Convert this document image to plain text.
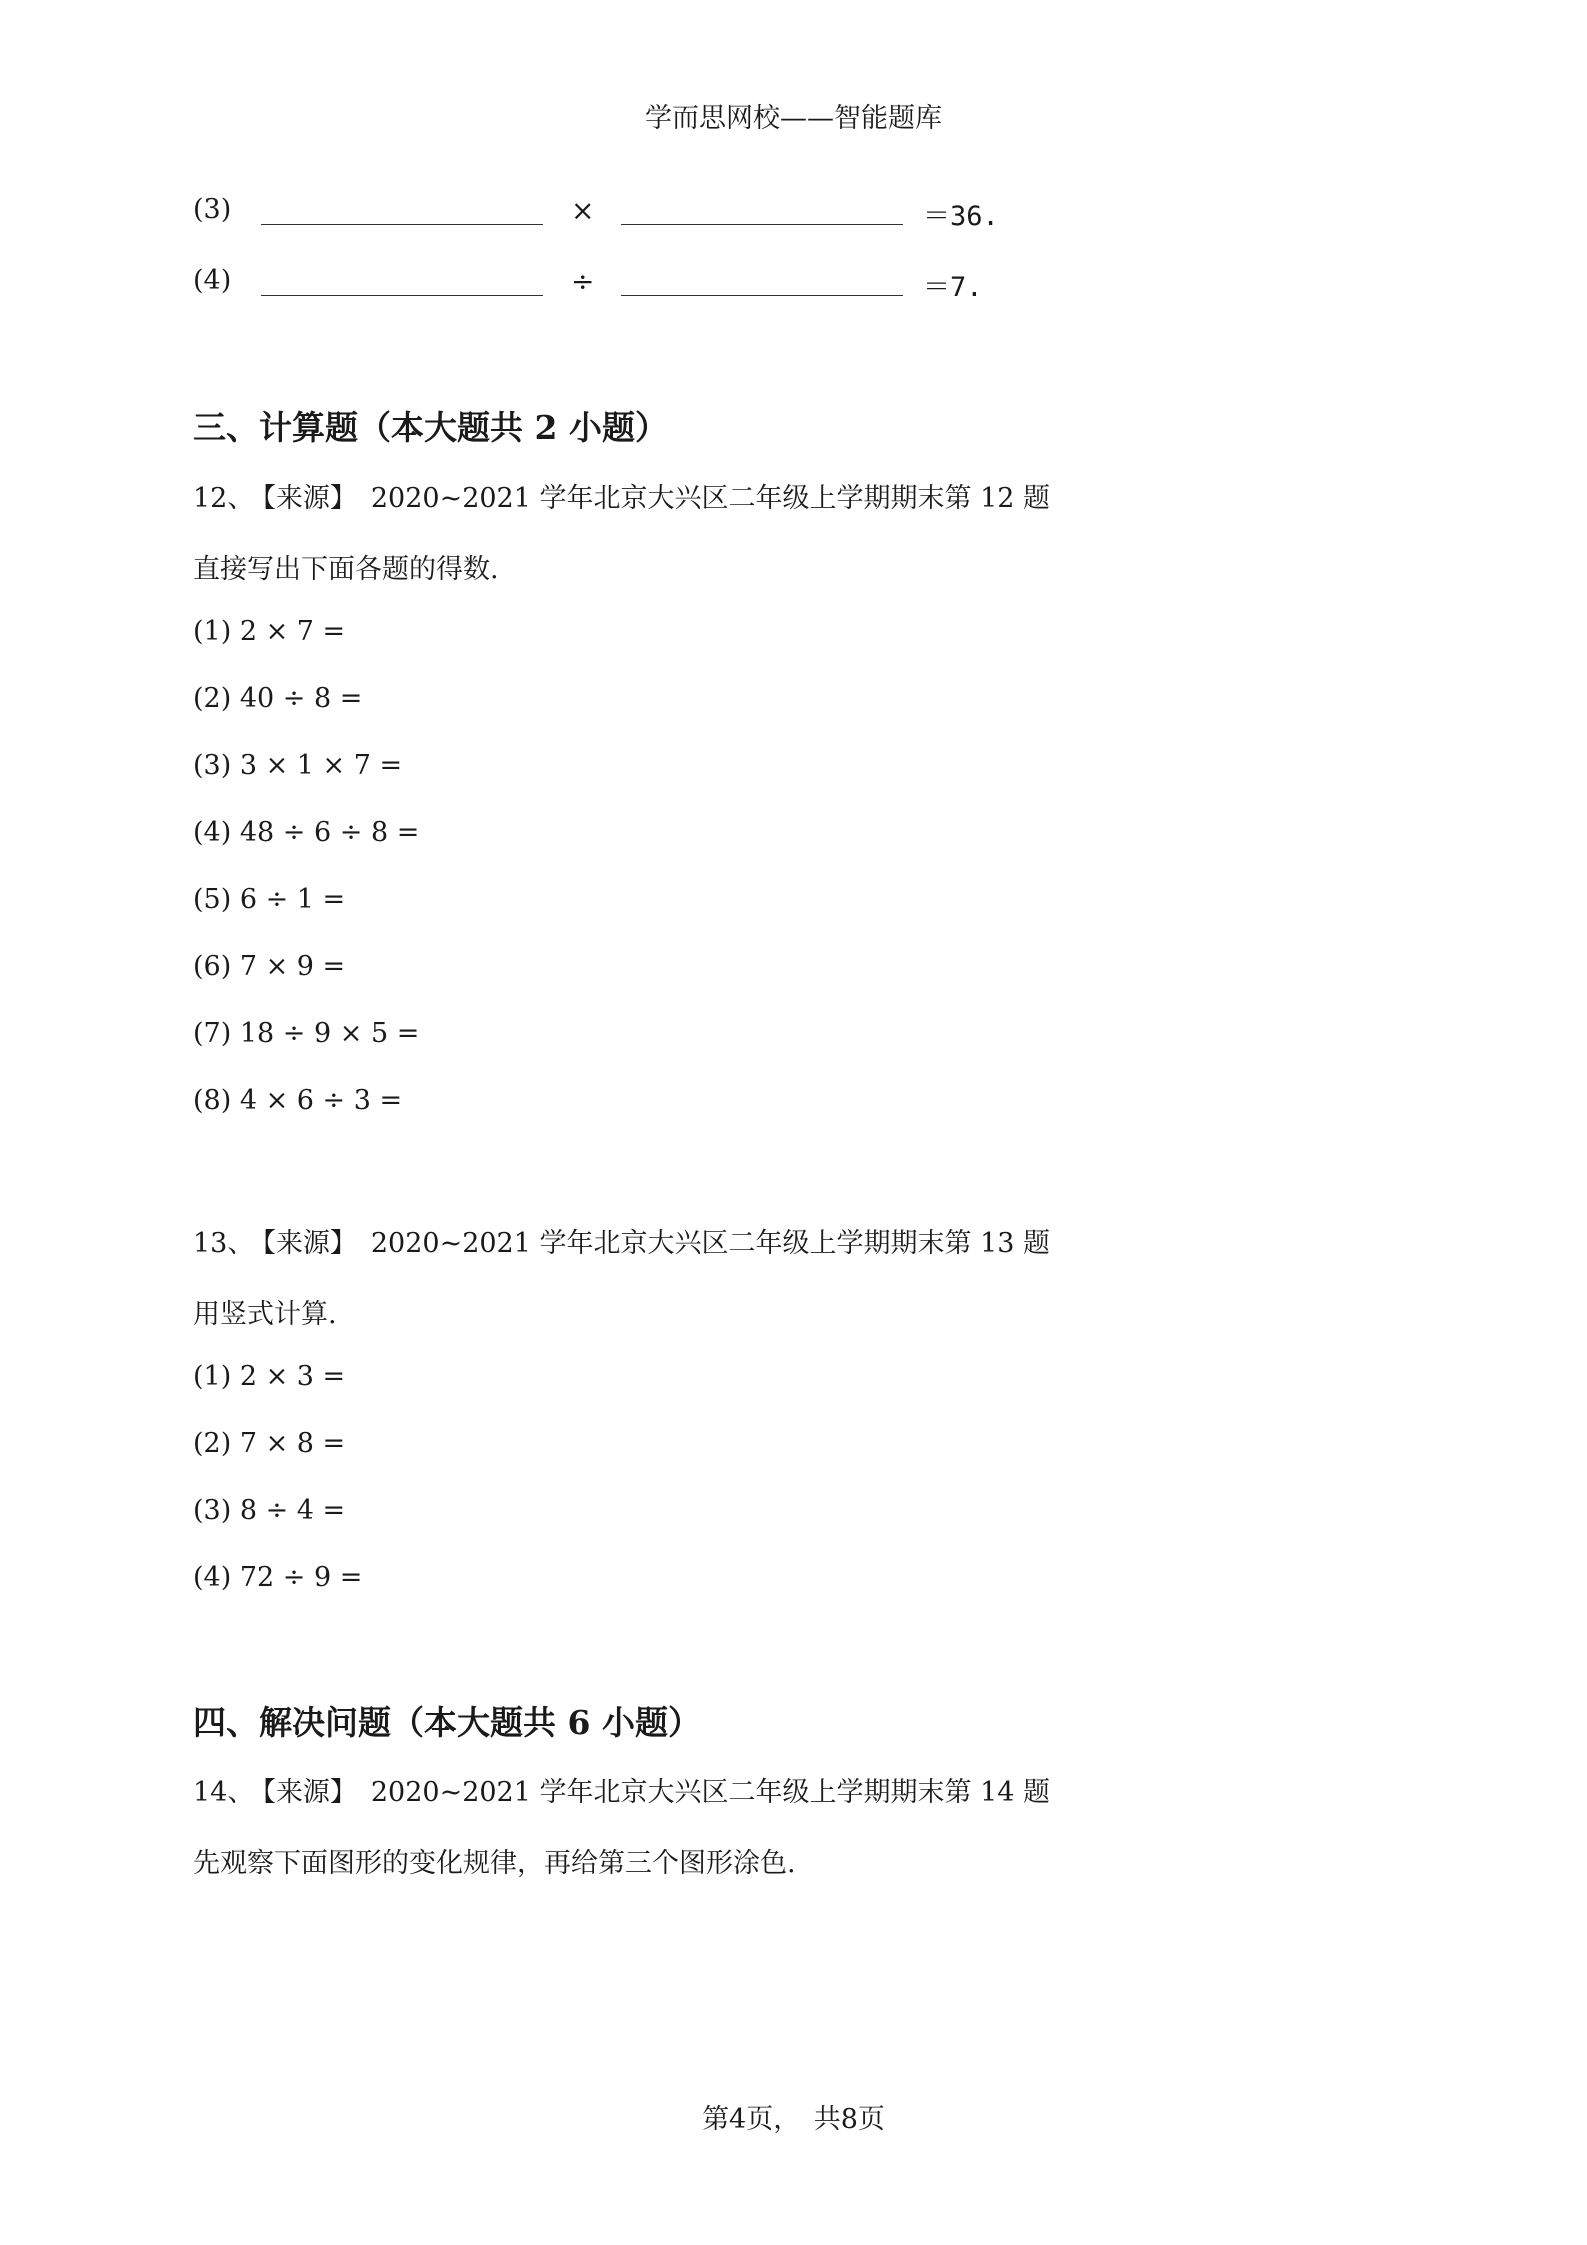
学而思网校——智能题库
(3)	×	＝36.
(4)	÷	＝7.
三、计算题（本大题共 2 小题）
12、 【来源】 2020~2021 学年北京大兴区二年级上学期期末第 12 题
直接写出下面各题的得数.
(1) 2 × 7 =
(2) 40 ÷ 8 =
(3) 3 × 1 × 7 =
(4) 48 ÷ 6 ÷ 8 =
(5) 6 ÷ 1 =
(6) 7 × 9 =
(7) 18 ÷ 9 × 5 =
(8) 4 × 6 ÷ 3 =
13、 【来源】 2020~2021 学年北京大兴区二年级上学期期末第 13 题
用竖式计算.
(1) 2 × 3 =
(2) 7 × 8 =
(3) 8 ÷ 4 =
(4) 72 ÷ 9 =
四、解决问题（本大题共 6 小题）
14、 【来源】 2020~2021 学年北京大兴区二年级上学期期末第 14 题
先观察下面图形的变化规律，再给第三个图形涂色.
第4页，　共8页
